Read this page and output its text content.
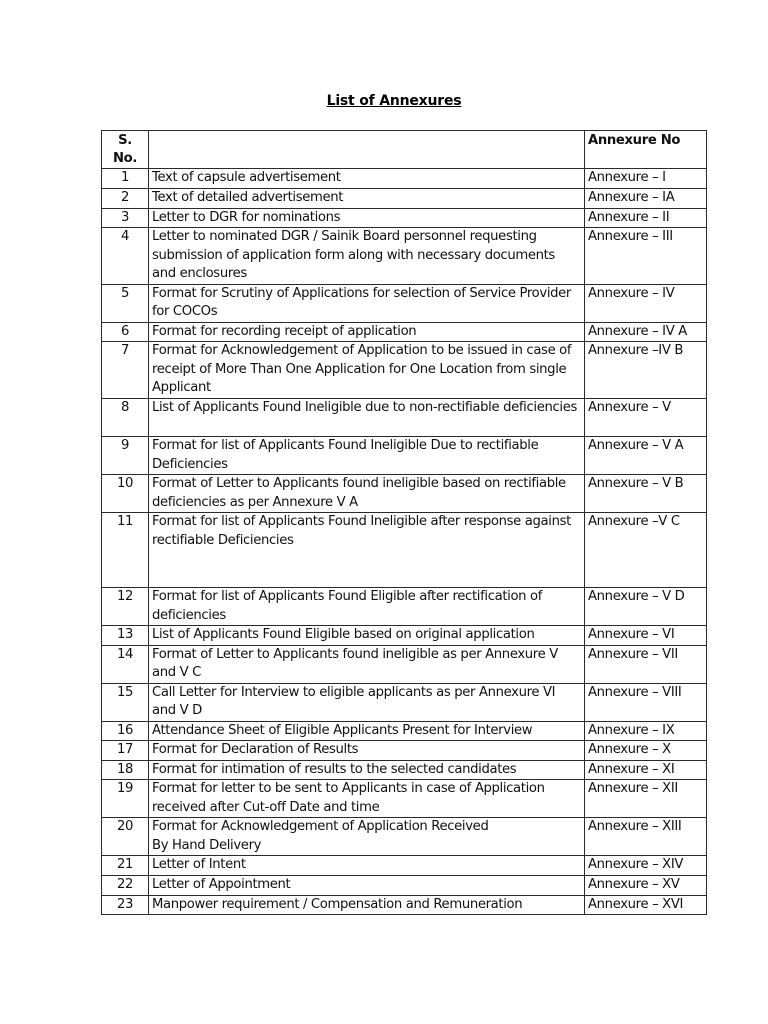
List of Annexures
S.
No.		Annexure No
1	Text of capsule advertisement	Annexure – I
2	Text of detailed advertisement	Annexure – IA
3	Letter to DGR for nominations	Annexure – II
4	Letter to nominated DGR / Sainik Board personnel requesting submission of application form along with necessary documents and enclosures	Annexure – III
5	Format for Scrutiny of Applications for selection of Service Provider for COCOs	Annexure – IV
6	Format for recording receipt of application	Annexure – IV A
7	Format for Acknowledgement of Application to be issued in case of receipt of More Than One Application for One Location from single Applicant	Annexure –IV B
8	List of Applicants Found Ineligible due to non-rectifiable deficiencies	Annexure – V
9	Format for list of Applicants Found Ineligible Due to rectifiable Deficiencies	Annexure – V A
10	Format of Letter to Applicants found ineligible based on rectifiable deficiencies as per Annexure V A	Annexure – V B
11	Format for list of Applicants Found Ineligible after response against rectifiable Deficiencies	Annexure –V C
12	Format for list of Applicants Found Eligible after rectification of deficiencies	Annexure – V D
13	List of Applicants Found Eligible based on original application	Annexure – VI
14	Format of Letter to Applicants found ineligible as per Annexure V and V C	Annexure – VII
15	Call Letter for Interview to eligible applicants as per Annexure VI and V D	Annexure – VIII
16	Attendance Sheet of Eligible Applicants Present for Interview	Annexure – IX
17	Format for Declaration of Results	Annexure – X
18	Format for intimation of results to the selected candidates	Annexure – XI
19	Format for letter to be sent to Applicants in case of Application received after Cut-off Date and time	Annexure – XII
20	Format for Acknowledgement of Application Received
By Hand Delivery	Annexure – XIII
21	Letter of Intent	Annexure – XIV
22	Letter of Appointment	Annexure – XV
23	Manpower requirement / Compensation and Remuneration	Annexure – XVI
